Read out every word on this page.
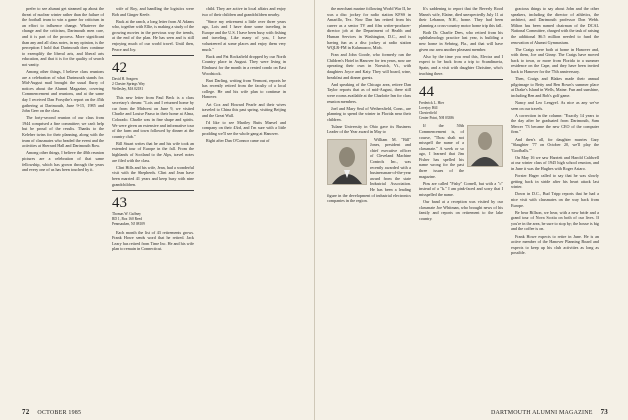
prefer to see alumni get steamed up about the threat of nuclear winter rather than the failure of the football team to win a game for criticism in an effort to influence change. Whatever the change and the criticism, Dartmouth men care, and it is part of the process. More significant than any and all class notes, in my opinion, is the perception I hold that Dartmouth does continue to exemplify the liberal arts, and liberal arts education, and that it is for the quality of search not vanity.

Among other things, I believe class reunions are a celebration of what Dartmouth stands for. Mid-August mail brought the usual flurry of notices about the Alumni Magazine, covering Commencement and reunions, and at the same day I received Dan Forsythe's report on the 45th gathering at Dartmouth, June 9-15, 1985 and John Geer on the class.

The forty-second reunion of our class from 1944 comprised a fine committee; we can't help but be proud of the results. Thanks to the Keleher twins for their planning, along with the team of classmates who headed the event and the activities at Sherrard Hall and Dartmouth Row.

Among other things, I believe the 40th reunion pictures are a celebration of that same fellowship, which has grown through the years and every one of us has been touched by it.

wife of Roy, and handling the logistics were Bob and Ginger Keefe.

Back at the ranch, a long letter from Al Adams who, together with Ellie, is making a study of the growing movies in the previous way the trends, at the end of the plan. He has seen and is still enjoying much of our world travel. Until then, Peace and Joy.

42
David H. Seagren
2 Chester Springs Way
Wellesley, MA 02181

This new letter from Paul Beck is a class secretary's dream: "Lois and I returned home by car from the Midwest on June 9, we visited Charlie and Louise Paaso in their home at Alma, Colorado. Charlie was in fine shape and spirits. We were given an extensive and informative tour of the farm and town followed by dinner at the country club."

Bill Stuart writes that he and his wife took an extended tour of Europe in the fall. From the highlands of Scotland to the Alps, travel notes are filed with the class.

Clint Hills and his wife, Jean, had a wonderful visit with the Shepherds. Clint and Jean have been married 41 years and keep busy with nine grandchildren.

43
Thomas W. Gaffney
RD 1, Box 160 Reed
Pennsauken, NJ 08109

Each month the list of 43 retirements grows. Frank Howe sends word that he retired. Jack Leary has retired from Time Inc. He and his wife plan to remain in Connecticut.

child. They are active in local affairs and enjoy two of their children and grandchildren nearby.

"Since my retirement a little over three years ago, Lois and I have done some traveling in Europe and the U.S. I have been busy with fishing and traveling. Like many of you, I have volunteered at some places and enjoy them very much."

Buck and Pat Rockafield dropped by our North Country place in August. They were living in Elmhurst for the month in a rented condo on East Woodstock.

Bart Darling, writing from Vermont, reports he has recently retired from the faculty of a local college. He and his wife plan to continue in Hanover.

Art Cox and Howard Pearle and their wives traveled to China this past spring, visiting Beijing and the Great Wall.

I'd like to see Mariley Butts Maesel and company on their 43rd, and I'm sure with a little prodding we'll see the whole gang at Hanover.

Right after Dan O'Connor came out of

72 OCTOBER 1985

the merchant marine following World War II, he was a disc jockey for radio station KFSS in Amarillo, Tex. Now Dan has retired from his career as a senior TV and film writer-producer-director job at the Department of Health and Human Services in Washington, D.C., and is having fun as a disc jockey at radio station WQLR-FM in Kalamazoo, Mich.

Fran and John Goode, who formerly ran the Children's Hotel in Hanover for ten years, now are operating their own in Norwich, Vt., with daughters Joyce and Katy. They will board, wine, breakfast and dinner guests.

And speaking of the Chicago area, retiree Dan Taylor reports that as of mid-August, there still were rooms available at the Charlotte Inn for class reunion members.

Joel and Mary Seal of Wethersfield, Conn., are planning to spend the winter in Florida near their children.

Tulane University in Ohio gave its Business Leader of the Year award in May to

William M. "Bill" Jones, president and chief executive officer of Cleveland Machine Controls Inc., was recently awarded with a businessman-of-the-year award from the state Industrial Association. He has been a leading figure in the development of industrial electronics companies in the region.

It's saddening to report that the Beverly Rood Mann's wife, Elaine, died unexpectedly July 11 at their Lebanon, N.H., home. They had been planning a cross-country motor home trip this fall.

Both Dr. Charlie Dees, who retired from his ophthalmology practice last year, is building a new home in Sebring, Fla., and that will have given our area another pleasant member.

Also by the time you read this, Electra and I expect to be back from a trip to Scandinavia, Spain, and a visit with daughter Christine, who's teaching there.

44
Frederick L. Hier
Lovejoy Hill
Chesterfield
Center Point, NH 03386

If the 50th Commencement is, of course, "Thou shalt not misspell the name of a classmate." A week or so ago, I learned that Jim Fisher has spelled his name wrong for the past three issues of the magazine.

Pins are called "Fishy" Cornell, but with a "c" instead of a "k." I am pink-faced and sorry that I misspelled the name.

Our band at a reception was visited by our classmate Joe Whitman, who brought news of his family and reports on retirement to the lake country.

gracious things to say about John and the other speakers, including the director of athletics, the architect, and Dartmouth professor Don Webb. Milton has been named chairman of the DCAL National Committee, charged with the task of raising the additional $6.5 million needed to fund the renovation of Alumni Gymnasium.

The Craigs were both at home in Hanover and, with them, Joe and Ginny. The Craigs have moved back to town, or more from Florida to a summer residence on the Cape, and they have been invited back to Hanover for the 75th anniversary.

Then, Craigs and Blakes made their annual pilgrimage to Betty and Ben Bown's summer place at Drake's Island in Wells, Maine. Fun and sunshine, including Ben and Bob's golf game.

Nancy and Leo Lengyel. As nice as any we've seen on our travels.

A correction in the column: "Exactly 14 years to the day after he graduated from Dartmouth, Sam Mercer '73 became the new CEO of the computer firm."

And then's all, for daughter marries Gary "Slaughter '77 on October 20, we'll play the 'Goofballs.'"

On May 16 we saw Harriett and Harold Caldwell at our winter class of 1945 high school reunion, and in June it was the Hughes with Roger Astaro.

Forster Hager called to say that he was slowly getting back in stride after his heart attack last winter.

Down in D.C., Bud Tripp reports that he had a nice visit with classmates on the way back from Europe.

Be bear Billson, we hear, with a new bride and a grand tour of Nova Scotia on both of our lives. If you're in the area, be sure to stop by; the house is big and the coffee is on.

Frank Howe expects to retire in June. He is an active member of the Hanover Planning Board and expects to keep up his club activities as long as possible.

DARTMOUTH ALUMNI MAGAZINE 73
